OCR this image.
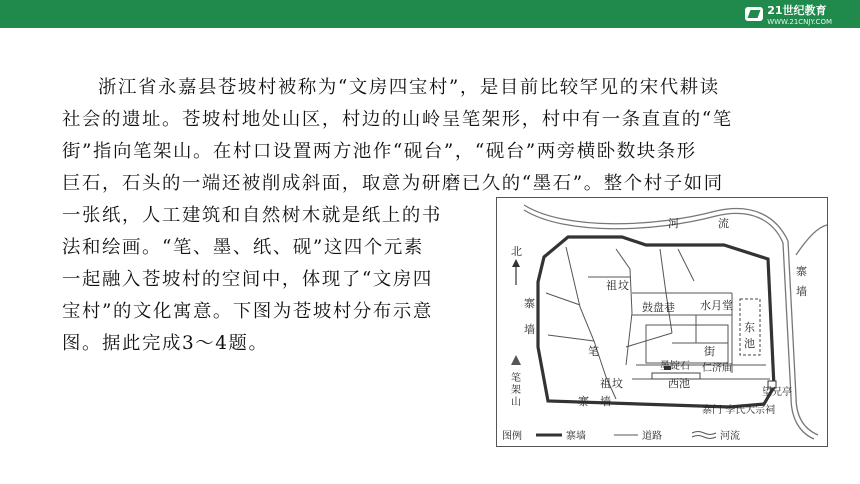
21世纪教育
WWW.21CNJY.COM
浙江省永嘉县苍坡村被称为“文房四宝村”，是目前比较罕见的宋代耕读
社会的遗址。苍坡村地处山区，村边的山岭呈笔架形，村中有一条直直的“笔
街”指向笔架山。在村口设置两方池作“砚台”，“砚台”两旁横卧数块条形
巨石，石头的一端还被削成斜面，取意为研磨已久的“墨石”。整个村子如同
一张纸，人工建筑和自然树木就是纸上的书
法和绘画。“笔、墨、纸、砚”这四个元素
一起融入苍坡村的空间中，体现了“文房四
宝村”的文化寓意。下图为苍坡村分布示意
图。据此完成3～4题。
北
河	流
寨
墙
寨
墙
祖 坟
鼓盘巷 水月堂
东
池
笔	街
墨锭石 仁济庙
西池
望兄亭
祖 坟
寨　墙
笔
架
山
寨门 李氏大宗祠
图例	寨墙	道路	河流
